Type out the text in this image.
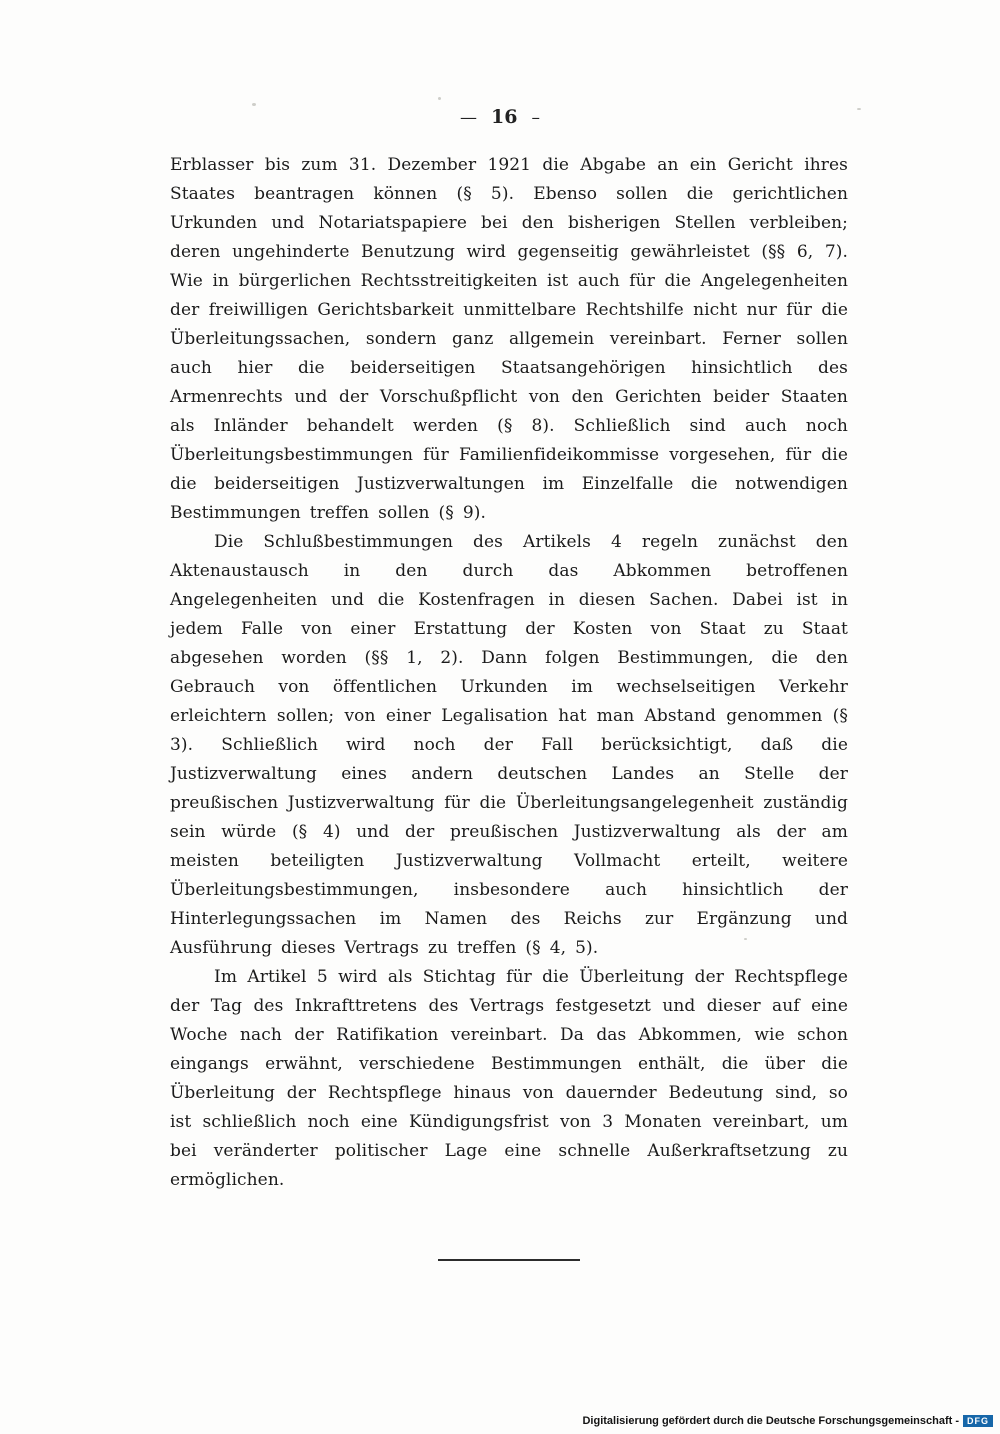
— 16 –

Erblasser bis zum 31. Dezember 1921 die Abgabe an ein Gericht ihres Staates beantragen können (§ 5). Ebenso sollen die gerichtlichen Urkunden und Notariatspapiere bei den bisherigen Stellen verbleiben; deren ungehinderte Benutzung wird gegenseitig gewährleistet (§§ 6, 7). Wie in bürgerlichen Rechtsstreitigkeiten ist auch für die Angelegenheiten der freiwilligen Gerichtsbarkeit unmittelbare Rechtshilfe nicht nur für die Überleitungssachen, sondern ganz allgemein vereinbart. Ferner sollen auch hier die beiderseitigen Staatsangehörigen hinsichtlich des Armenrechts und der Vorschußpflicht von den Gerichten beider Staaten als Inländer behandelt werden (§ 8). Schließlich sind auch noch Überleitungsbestimmungen für Familienfideikommisse vorgesehen, für die die beiderseitigen Justizverwaltungen im Einzelfalle die notwendigen Bestimmungen treffen sollen (§ 9).

Die Schlußbestimmungen des Artikels 4 regeln zunächst den Aktenaustausch in den durch das Abkommen betroffenen Angelegenheiten und die Kostenfragen in diesen Sachen. Dabei ist in jedem Falle von einer Erstattung der Kosten von Staat zu Staat abgesehen worden (§§ 1, 2). Dann folgen Bestimmungen, die den Gebrauch von öffentlichen Urkunden im wechselseitigen Verkehr erleichtern sollen; von einer Legalisation hat man Abstand genommen (§ 3). Schließlich wird noch der Fall berücksichtigt, daß die Justizverwaltung eines andern deutschen Landes an Stelle der preußischen Justizverwaltung für die Überleitungsangelegenheit zuständig sein würde (§ 4) und der preußischen Justizverwaltung als der am meisten beteiligten Justizverwaltung Vollmacht erteilt, weitere Überleitungsbestimmungen, insbesondere auch hinsichtlich der Hinterlegungssachen im Namen des Reichs zur Ergänzung und Ausführung dieses Vertrags zu treffen (§ 4, 5).

Im Artikel 5 wird als Stichtag für die Überleitung der Rechtspflege der Tag des Inkrafttretens des Vertrags festgesetzt und dieser auf eine Woche nach der Ratifikation vereinbart. Da das Abkommen, wie schon eingangs erwähnt, verschiedene Bestimmungen enthält, die über die Überleitung der Rechtspflege hinaus von dauernder Bedeutung sind, so ist schließlich noch eine Kündigungsfrist von 3 Monaten vereinbart, um bei veränderter politischer Lage eine schnelle Außerkraftsetzung zu ermöglichen.

Digitalisierung gefördert durch die Deutsche Forschungsgemeinschaft - DFG
